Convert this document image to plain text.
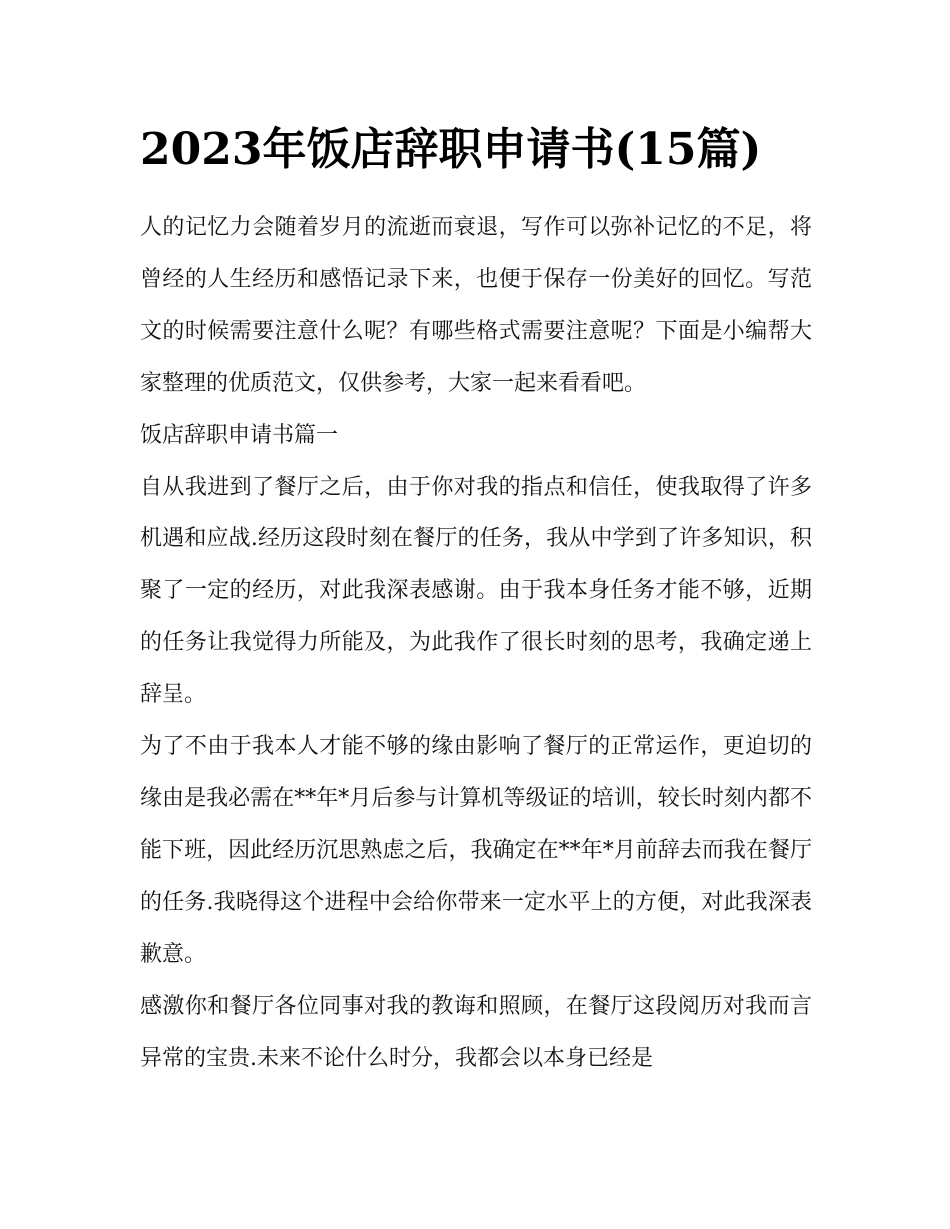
2023年饭店辞职申请书(15篇)

人的记忆力会随着岁月的流逝而衰退，写作可以弥补记忆的不足，将曾经的人生经历和感悟记录下来，也便于保存一份美好的回忆。写范文的时候需要注意什么呢？有哪些格式需要注意呢？下面是小编帮大家整理的优质范文，仅供参考，大家一起来看看吧。

饭店辞职申请书篇一

自从我进到了餐厅之后，由于你对我的指点和信任，使我取得了许多机遇和应战.经历这段时刻在餐厅的任务，我从中学到了许多知识，积聚了一定的经历，对此我深表感谢。由于我本身任务才能不够，近期的任务让我觉得力所能及，为此我作了很长时刻的思考，我确定递上辞呈。

为了不由于我本人才能不够的缘由影响了餐厅的正常运作，更迫切的缘由是我必需在**年*月后参与计算机等级证的培训，较长时刻内都不能下班，因此经历沉思熟虑之后，我确定在**年*月前辞去而我在餐厅的任务.我晓得这个进程中会给你带来一定水平上的方便，对此我深表歉意。

感激你和餐厅各位同事对我的教诲和照顾，在餐厅这段阅历对我而言异常的宝贵.未来不论什么时分，我都会以本身已经是
